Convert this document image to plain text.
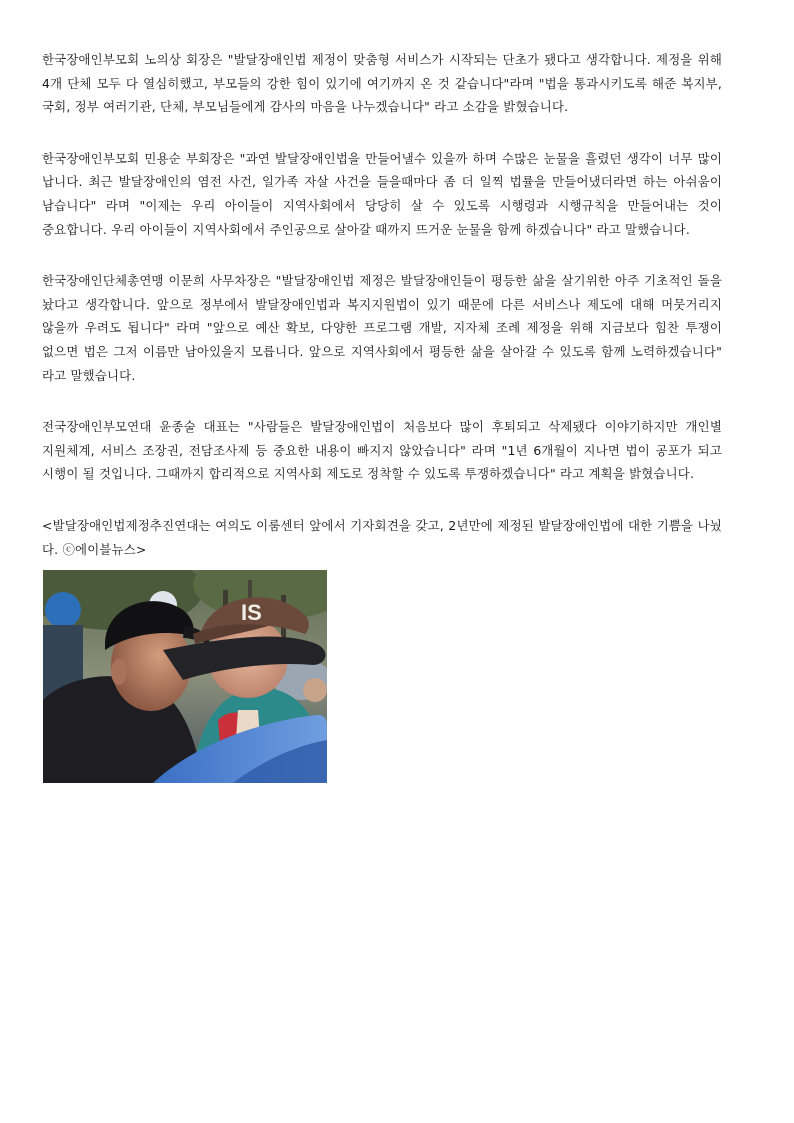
한국장애인부모회 노의상 회장은 "발달장애인법 제정이 맞춤형 서비스가 시작되는 단초가 됐다고 생각합니다. 제정을 위해 4개 단체 모두 다 열심히했고, 부모들의 강한 힘이 있기에 여기까지 온 것 같습니다"라며 "법을 통과시키도록 해준 복지부, 국회, 정부 여러기관, 단체, 부모님들에게 감사의 마음을 나누겠습니다" 라고 소감을 밝혔습니다.

한국장애인부모회 민용순 부회장은 "과연 발달장애인법을 만들어낼수 있을까 하며 수많은 눈물을 흘렸던 생각이 너무 많이 납니다. 최근 발달장애인의 염전 사건, 일가족 자살 사건을 들을때마다 좀 더 일찍 법률을 만들어냈더라면 하는 아쉬움이 남습니다" 라며 "이제는 우리 아이들이 지역사회에서 당당히 살 수 있도록 시행령과 시행규칙을 만들어내는 것이 중요합니다. 우리 아이들이 지역사회에서 주인공으로 살아갈 때까지 뜨거운 눈물을 함께 하겠습니다" 라고 말했습니다.

한국장애인단체총연맹 이문희 사무차장은 "발달장애인법 제정은 발달장애인들이 평등한 삶을 살기위한 아주 기초적인 돌을 놨다고 생각합니다. 앞으로 정부에서 발달장애인법과 복지지원법이 있기 때문에 다른 서비스나 제도에 대해 머뭇거리지 않을까 우려도 됩니다" 라며 "앞으로 예산 확보, 다양한 프로그램 개발, 지자체 조례 제정을 위해 지금보다 힘찬 투쟁이 없으면 법은 그저 이름만 남아있을지 모릅니다. 앞으로 지역사회에서 평등한 삶을 살아갈 수 있도록 함께 노력하겠습니다" 라고 말했습니다.

전국장애인부모연대 윤종술 대표는 "사람들은 발달장애인법이 처음보다 많이 후퇴되고 삭제됐다 이야기하지만 개인별 지원체계, 서비스 조장권, 전담조사제 등 중요한 내용이 빠지지 않았습니다" 라며 "1년 6개월이 지나면 법이 공포가 되고 시행이 될 것입니다. 그때까지 합리적으로 지역사회 제도로 정착할 수 있도록 투쟁하겠습니다" 라고 계획을 밝혔습니다.

<발달장애인법제정추진연대는 여의도 이룸센터 앞에서 기자회견을 갖고, 2년만에 제정된 발달장애인법에 대한 기쁨을 나눴다. ⓒ에이블뉴스>

IS
